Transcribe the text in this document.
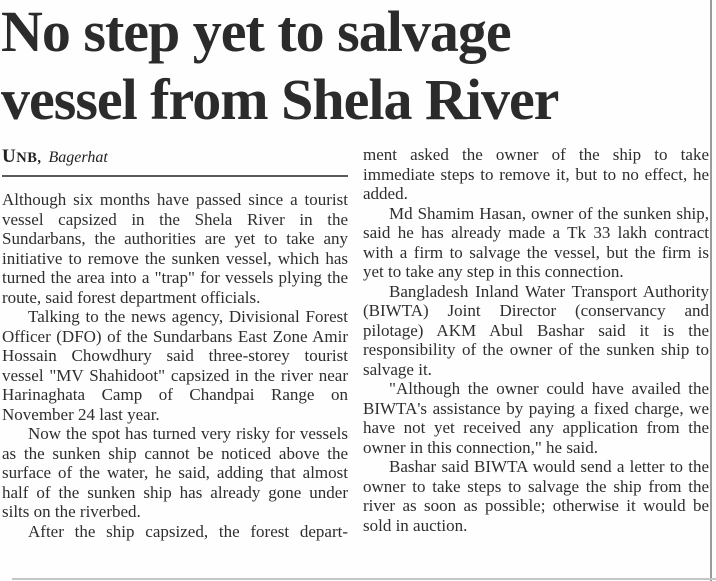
No step yet to salvage
vessel from Shela River
UNB, Bagerhat

Although six months have passed since a tourist vessel capsized in the Shela River in the Sundarbans, the authorities are yet to take any initiative to remove the sunken vessel, which has turned the area into a "trap" for vessels plying the route, said forest department officials.

Talking to the news agency, Divisional Forest Officer (DFO) of the Sundarbans East Zone Amir Hossain Chowdhury said three-storey tourist vessel "MV Shahidoot" capsized in the river near Harinaghata Camp of Chandpai Range on November 24 last year.

Now the spot has turned very risky for vessels as the sunken ship cannot be noticed above the surface of the water, he said, adding that almost half of the sunken ship has already gone under silts on the riverbed.

After the ship capsized, the forest depart-

ment asked the owner of the ship to take immediate steps to remove it, but to no effect, he added.

Md Shamim Hasan, owner of the sunken ship, said he has already made a Tk 33 lakh contract with a firm to salvage the vessel, but the firm is yet to take any step in this connection.

Bangladesh Inland Water Transport Authority (BIWTA) Joint Director (conservancy and pilotage) AKM Abul Bashar said it is the responsibility of the owner of the sunken ship to salvage it.

"Although the owner could have availed the BIWTA's assistance by paying a fixed charge, we have not yet received any application from the owner in this connection," he said.

Bashar said BIWTA would send a letter to the owner to take steps to salvage the ship from the river as soon as possible; otherwise it would be sold in auction.
